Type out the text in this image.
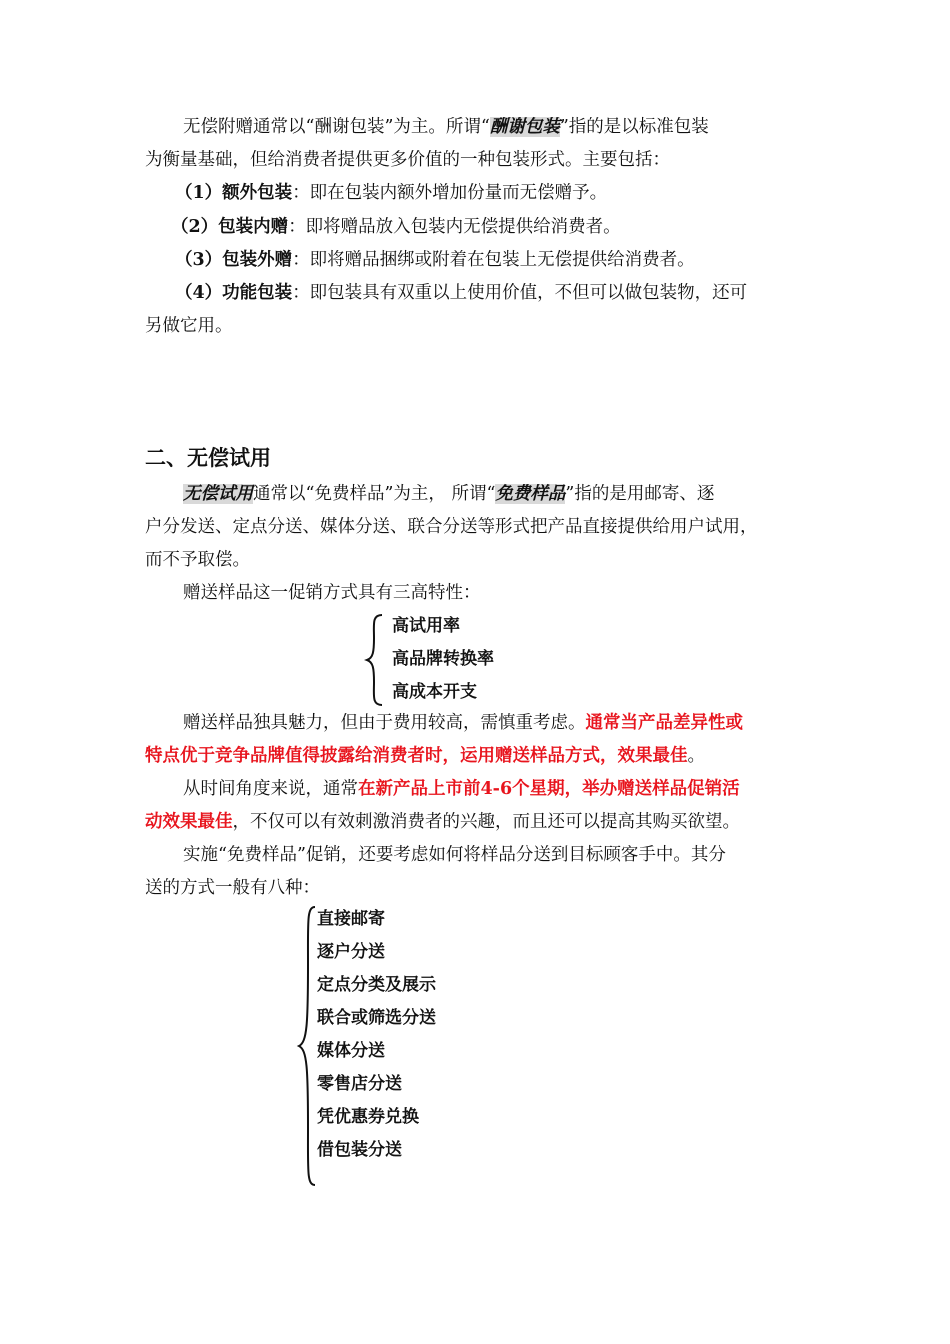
无偿附赠通常以“酬谢包装”为主。所谓“酬谢包装”指的是以标准包装
为衡量基础，但给消费者提供更多价值的一种包装形式。主要包括：
（1）额外包装：即在包装内额外增加份量而无偿赠予。
（2）包装内赠：即将赠品放入包装内无偿提供给消费者。
（3）包装外赠：即将赠品捆绑或附着在包装上无偿提供给消费者。
（4）功能包装：即包装具有双重以上使用价值，不但可以做包装物，还可
另做它用。
二、无偿试用
无偿试用通常以“免费样品”为主， 所谓“免费样品”指的是用邮寄、逐
户分发送、定点分送、媒体分送、联合分送等形式把产品直接提供给用户试用，
而不予取偿。
赠送样品这一促销方式具有三高特性：
高试用率
高品牌转换率
高成本开支
赠送样品独具魅力，但由于费用较高，需慎重考虑。通常当产品差异性或
特点优于竞争品牌值得披露给消费者时，运用赠送样品方式，效果最佳。
从时间角度来说，通常在新产品上市前4-6个星期，举办赠送样品促销活
动效果最佳，不仅可以有效刺激消费者的兴趣，而且还可以提高其购买欲望。
实施“免费样品”促销，还要考虑如何将样品分送到目标顾客手中。其分
送的方式一般有八种：
直接邮寄
逐户分送
定点分类及展示
联合或筛选分送
媒体分送
零售店分送
凭优惠券兑换
借包装分送
